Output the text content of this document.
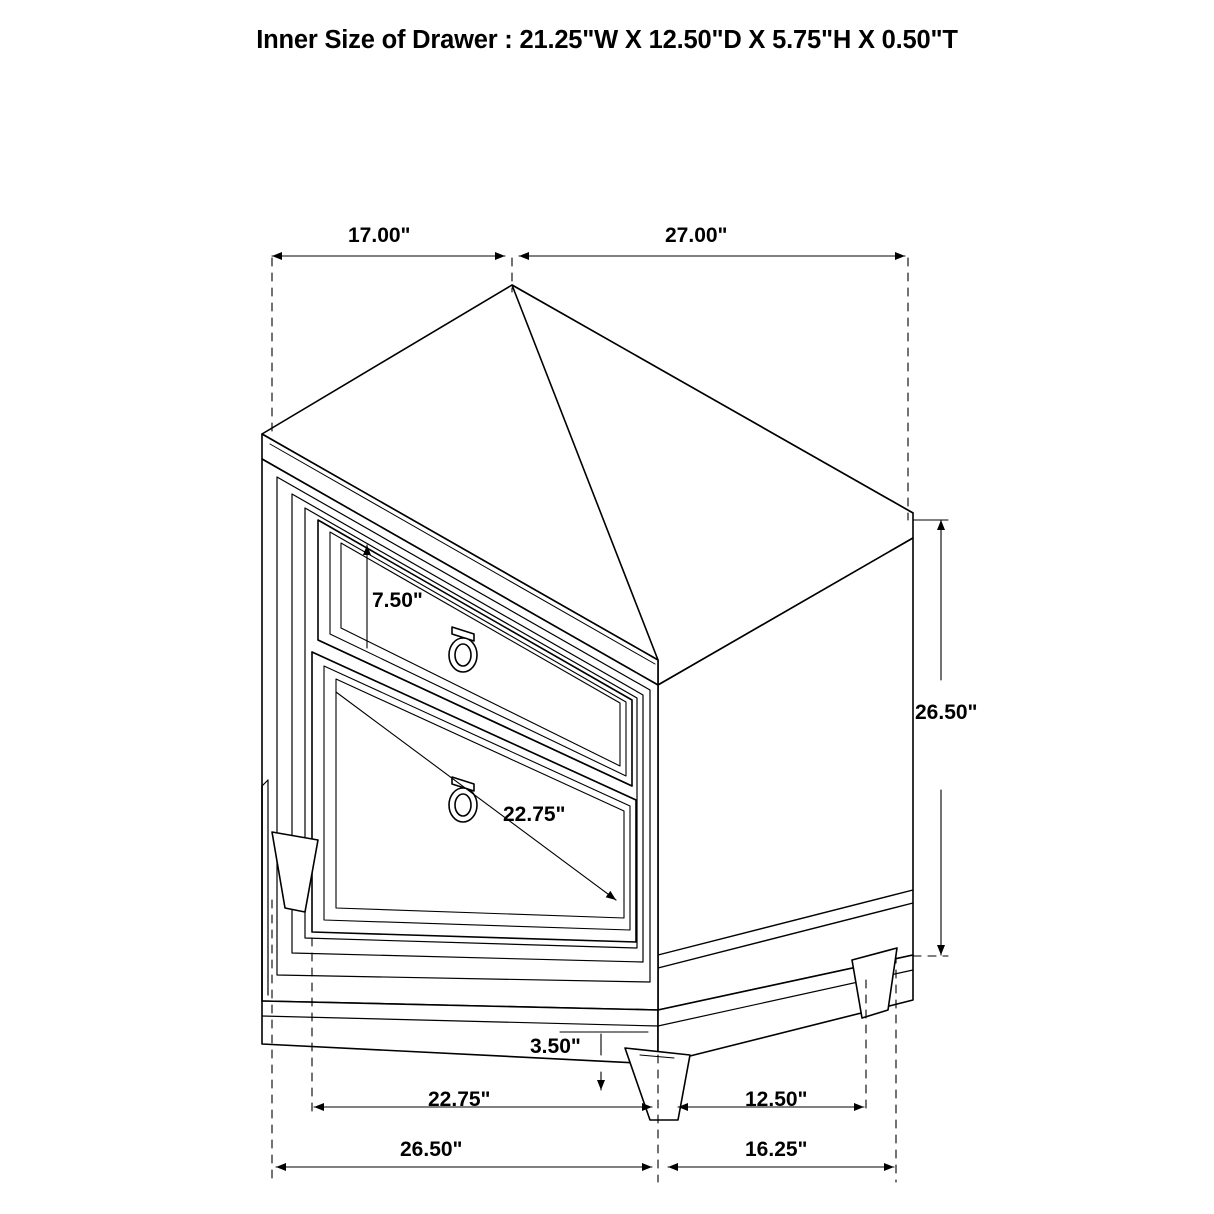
Inner Size of Drawer : 21.25"W X 12.50"D X 5.75"H X 0.50"T
17.00"	27.00"
7.50"
26.50"
22.75"
3.50"
22.75"	12.50"
26.50"	16.25"
